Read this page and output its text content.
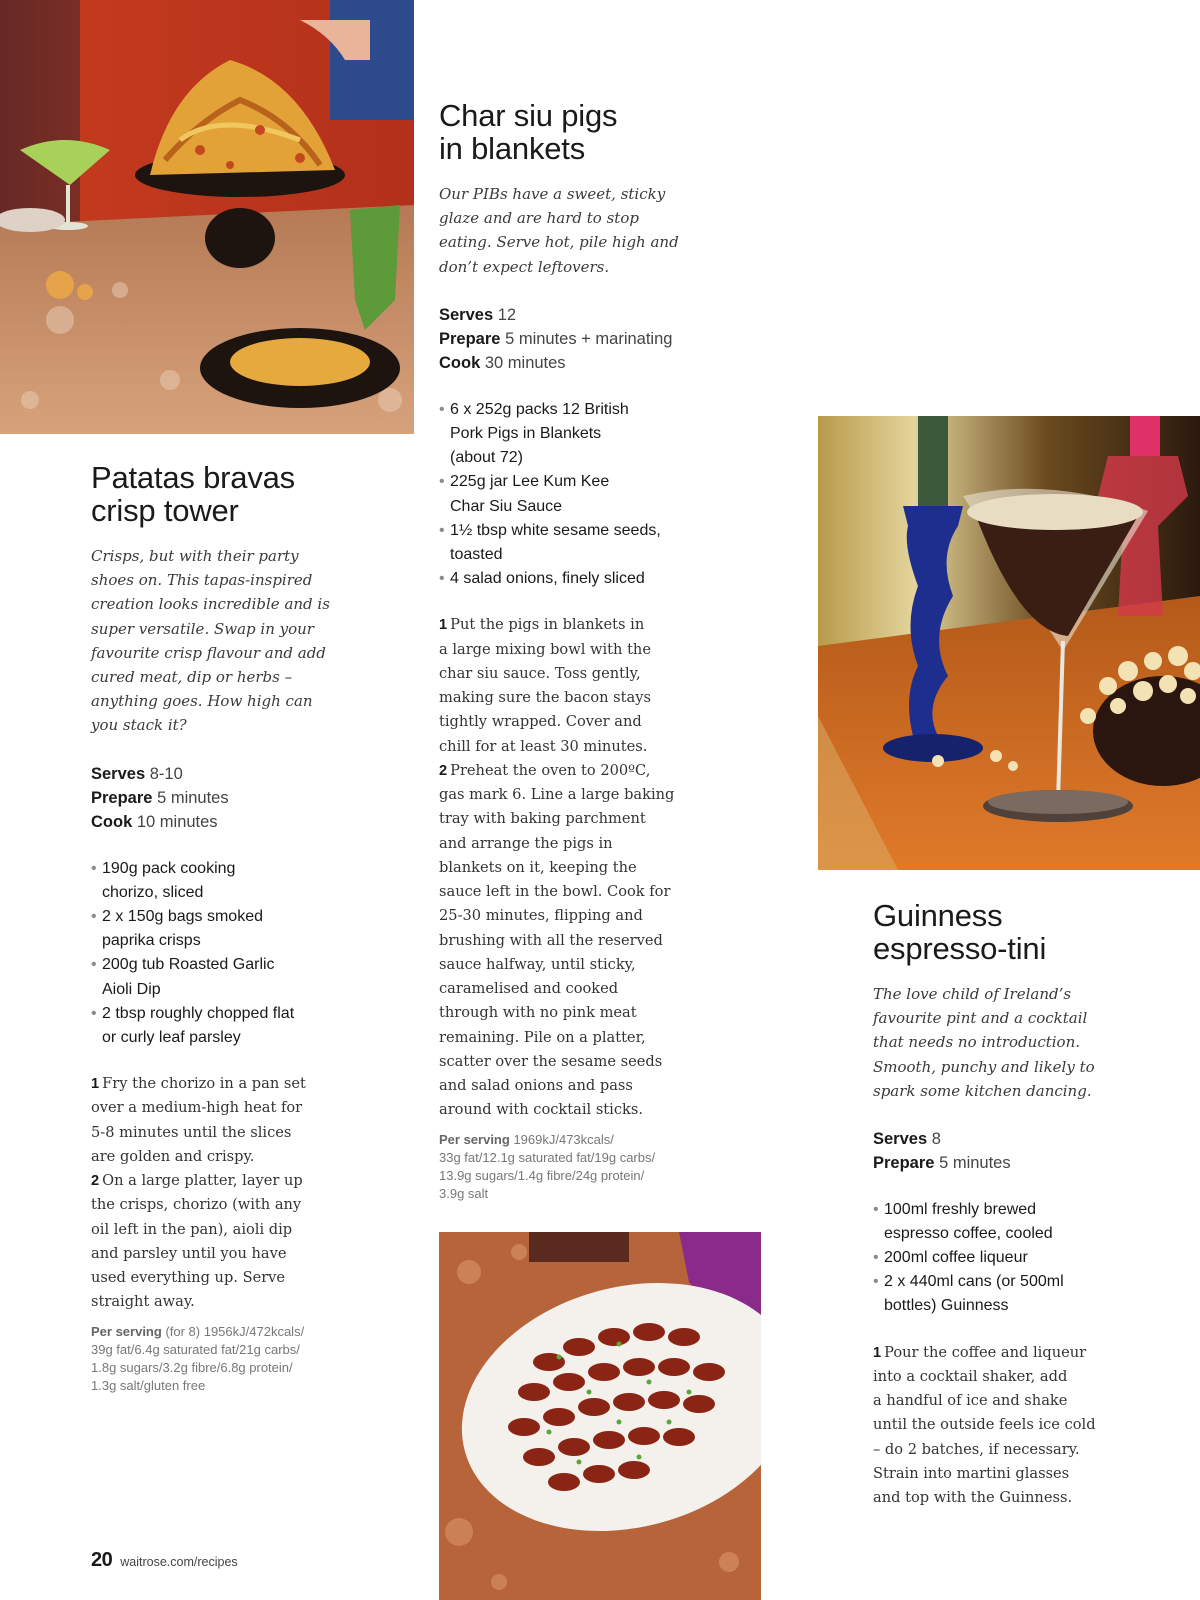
Patatas bravas
crisp tower

Crisps, but with their party shoes on. This tapas-inspired creation looks incredible and is super versatile. Swap in your favourite crisp flavour and add cured meat, dip or herbs – anything goes. How high can you stack it?

Serves 8-10
Prepare 5 minutes
Cook 10 minutes
• 190g pack cooking
chorizo, sliced
• 2 x 150g bags smoked
paprika crisps
• 200g tub Roasted Garlic
Aioli Dip
• 2 tbsp roughly chopped flat
or curly leaf parsley
1 Fry the chorizo in a pan set
over a medium-high heat for
5-8 minutes until the slices
are golden and crispy.
2 On a large platter, layer up
the crisps, chorizo (with any
oil left in the pan), aioli dip
and parsley until you have
used everything up. Serve
straight away.
Per serving (for 8) 1956kJ/472kcals/
39g fat/6.4g saturated fat/21g carbs/
1.8g sugars/3.2g fibre/6.8g protein/
1.3g salt/gluten free
Char siu pigs
in blankets

Our PIBs have a sweet, sticky glaze and are hard to stop eating. Serve hot, pile high and don’t expect leftovers.

Serves 12
Prepare 5 minutes + marinating
Cook 30 minutes
• 6 x 252g packs 12 British
Pork Pigs in Blankets
(about 72)
• 225g jar Lee Kum Kee
Char Siu Sauce
• 1½ tbsp white sesame seeds,
toasted
• 4 salad onions, finely sliced
1 Put the pigs in blankets in
a large mixing bowl with the
char siu sauce. Toss gently,
making sure the bacon stays
tightly wrapped. Cover and
chill for at least 30 minutes.
2 Preheat the oven to 200ºC,
gas mark 6. Line a large baking
tray with baking parchment
and arrange the pigs in
blankets on it, keeping the
sauce left in the bowl. Cook for
25-30 minutes, flipping and
brushing with all the reserved
sauce halfway, until sticky,
caramelised and cooked
through with no pink meat
remaining. Pile on a platter,
scatter over the sesame seeds
and salad onions and pass
around with cocktail sticks.
Per serving 1969kJ/473kcals/
33g fat/12.1g saturated fat/19g carbs/
13.9g sugars/1.4g fibre/24g protein/
3.9g salt
Guinness
espresso-tini

The love child of Ireland’s favourite pint and a cocktail that needs no introduction. Smooth, punchy and likely to spark some kitchen dancing.

Serves 8
Prepare 5 minutes
• 100ml freshly brewed
espresso coffee, cooled
• 200ml coffee liqueur
• 2 x 440ml cans (or 500ml
bottles) Guinness
1 Pour the coffee and liqueur
into a cocktail shaker, add
a handful of ice and shake
until the outside feels ice cold
– do 2 batches, if necessary.
Strain into martini glasses
and top with the Guinness.
20 waitrose.com/recipes
